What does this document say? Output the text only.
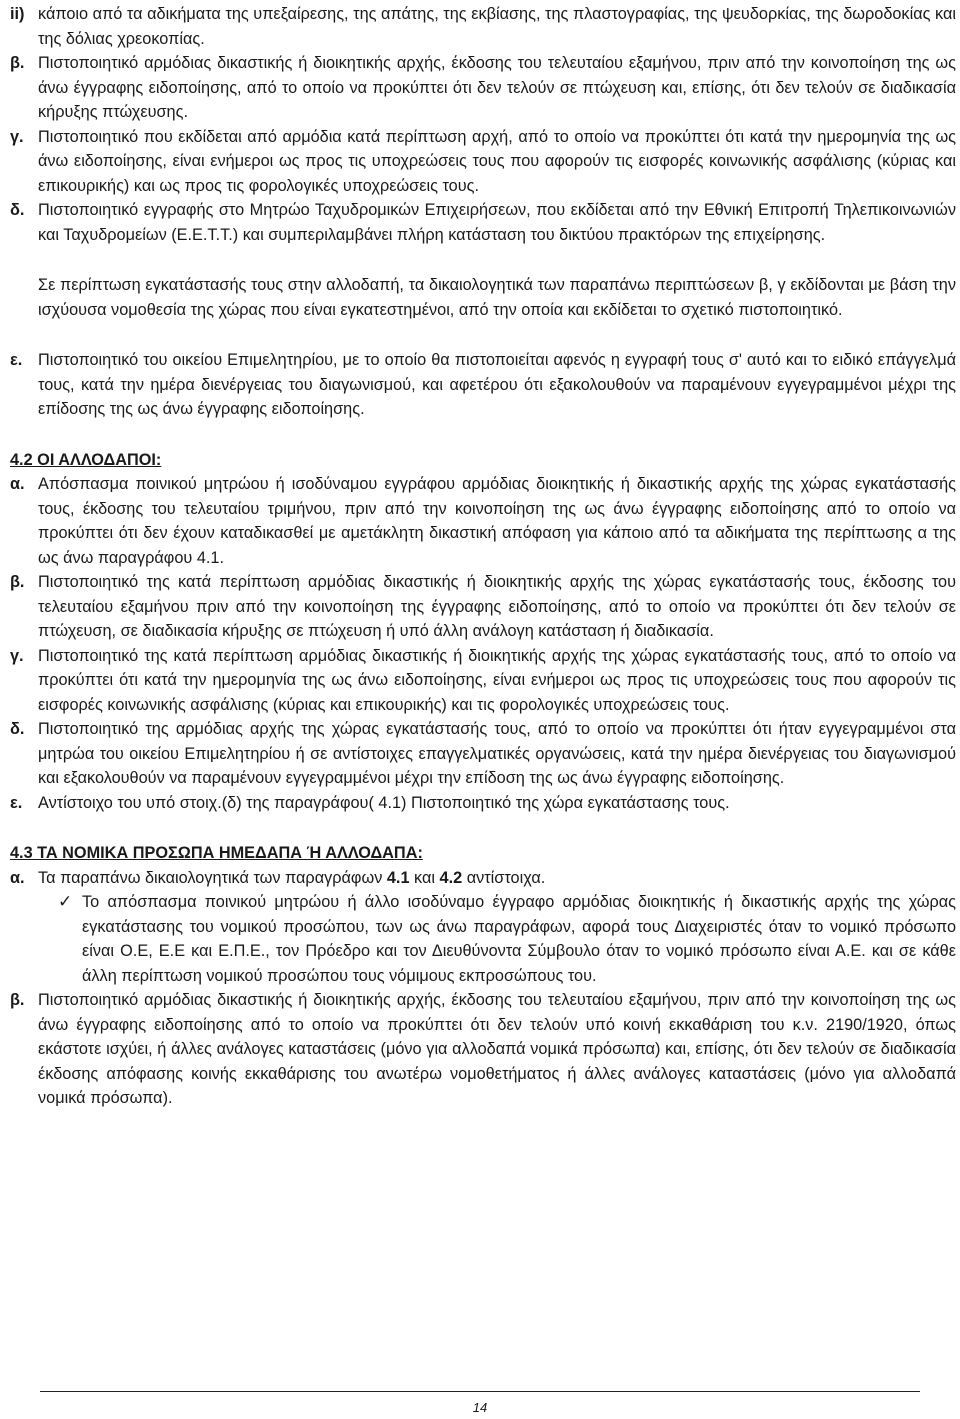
ii) κάποιο από τα αδικήματα της υπεξαίρεσης, της απάτης, της εκβίασης, της πλαστογραφίας, της ψευδορκίας, της δωροδοκίας και της δόλιας χρεοκοπίας.
β. Πιστοποιητικό αρμόδιας δικαστικής ή διοικητικής αρχής, έκδοσης του τελευταίου εξαμήνου, πριν από την κοινοποίηση της ως άνω έγγραφης ειδοποίησης, από το οποίο να προκύπτει ότι δεν τελούν σε πτώχευση και, επίσης, ότι δεν τελούν σε διαδικασία κήρυξης πτώχευσης.
γ. Πιστοποιητικό που εκδίδεται από αρμόδια κατά περίπτωση αρχή, από το οποίο να προκύπτει ότι κατά την ημερομηνία της ως άνω ειδοποίησης, είναι ενήμεροι ως προς τις υποχρεώσεις τους που αφορούν τις εισφορές κοινωνικής ασφάλισης (κύριας και επικουρικής) και ως προς τις φορολογικές υποχρεώσεις τους.
δ. Πιστοποιητικό εγγραφής στο Μητρώο Ταχυδρομικών Επιχειρήσεων, που εκδίδεται από την Εθνική Επιτροπή Τηλεπικοινωνιών και Ταχυδρομείων (Ε.Ε.Τ.Τ.) και συμπεριλαμβάνει πλήρη κατάσταση του δικτύου πρακτόρων της επιχείρησης.
Σε περίπτωση εγκατάστασής τους στην αλλοδαπή, τα δικαιολογητικά των παραπάνω περιπτώσεων β, γ εκδίδονται με βάση την ισχύουσα νομοθεσία της χώρας που είναι εγκατεστημένοι, από την οποία και εκδίδεται το σχετικό πιστοποιητικό.
ε. Πιστοποιητικό του οικείου Επιμελητηρίου, με το οποίο θα πιστοποιείται αφενός η εγγραφή τους σ' αυτό και το ειδικό επάγγελμά τους, κατά την ημέρα διενέργειας του διαγωνισμού, και αφετέρου ότι εξακολουθούν να παραμένουν εγγεγραμμένοι μέχρι της επίδοσης της ως άνω έγγραφης ειδοποίησης.
4.2 ΟΙ ΑΛΛΟΔΑΠΟΙ:
α. Απόσπασμα ποινικού μητρώου ή ισοδύναμου εγγράφου αρμόδιας διοικητικής ή δικαστικής αρχής της χώρας εγκατάστασής τους, έκδοσης του τελευταίου τριμήνου, πριν από την κοινοποίηση της ως άνω έγγραφης ειδοποίησης από το οποίο να προκύπτει ότι δεν έχουν καταδικασθεί με αμετάκλητη δικαστική απόφαση για κάποιο από τα αδικήματα της περίπτωσης α της ως άνω παραγράφου 4.1.
β. Πιστοποιητικό της κατά περίπτωση αρμόδιας δικαστικής ή διοικητικής αρχής της χώρας εγκατάστασής τους, έκδοσης του τελευταίου εξαμήνου πριν από την κοινοποίηση της έγγραφης ειδοποίησης, από το οποίο να προκύπτει ότι δεν τελούν σε πτώχευση, σε διαδικασία κήρυξης σε πτώχευση ή υπό άλλη ανάλογη κατάσταση ή διαδικασία.
γ. Πιστοποιητικό της κατά περίπτωση αρμόδιας δικαστικής ή διοικητικής αρχής της χώρας εγκατάστασής τους, από το οποίο να προκύπτει ότι κατά την ημερομηνία της ως άνω ειδοποίησης, είναι ενήμεροι ως προς τις υποχρεώσεις τους που αφορούν τις εισφορές κοινωνικής ασφάλισης (κύριας και επικουρικής) και τις φορολογικές υποχρεώσεις τους.
δ. Πιστοποιητικό της αρμόδιας αρχής της χώρας εγκατάστασής τους, από το οποίο να προκύπτει ότι ήταν εγγεγραμμένοι στα μητρώα του οικείου Επιμελητηρίου ή σε αντίστοιχες επαγγελματικές οργανώσεις, κατά την ημέρα διενέργειας του διαγωνισμού και εξακολουθούν να παραμένουν εγγεγραμμένοι μέχρι την επίδοση της ως άνω έγγραφης ειδοποίησης.
ε. Αντίστοιχο του υπό στοιχ.(δ) της παραγράφου( 4.1) Πιστοποιητικό της χώρα εγκατάστασης τους.
4.3 ΤΑ ΝΟΜΙΚΑ ΠΡΟΣΩΠΑ ΗΜΕΔΑΠΑ Ή ΑΛΛΟΔΑΠΑ:
α. Τα παραπάνω δικαιολογητικά των παραγράφων 4.1 και 4.2 αντίστοιχα.
✓ Το απόσπασμα ποινικού μητρώου ή άλλο ισοδύναμο έγγραφο αρμόδιας διοικητικής ή δικαστικής αρχής της χώρας εγκατάστασης του νομικού προσώπου, των ως άνω παραγράφων, αφορά τους Διαχειριστές όταν το νομικό πρόσωπο είναι Ο.Ε, Ε.Ε και Ε.Π.Ε., τον Πρόεδρο και τον Διευθύνοντα Σύμβουλο όταν το νομικό πρόσωπο είναι Α.Ε. και σε κάθε άλλη περίπτωση νομικού προσώπου τους νόμιμους εκπροσώπους του.
β. Πιστοποιητικό αρμόδιας δικαστικής ή διοικητικής αρχής, έκδοσης του τελευταίου εξαμήνου, πριν από την κοινοποίηση της ως άνω έγγραφης ειδοποίησης από το οποίο να προκύπτει ότι δεν τελούν υπό κοινή εκκαθάριση του κ.ν. 2190/1920, όπως εκάστοτε ισχύει, ή άλλες ανάλογες καταστάσεις (μόνο για αλλοδαπά νομικά πρόσωπα) και, επίσης, ότι δεν τελούν σε διαδικασία έκδοσης απόφασης κοινής εκκαθάρισης του ανωτέρω νομοθετήματος ή άλλες ανάλογες καταστάσεις (μόνο για αλλοδαπά νομικά πρόσωπα).
14
